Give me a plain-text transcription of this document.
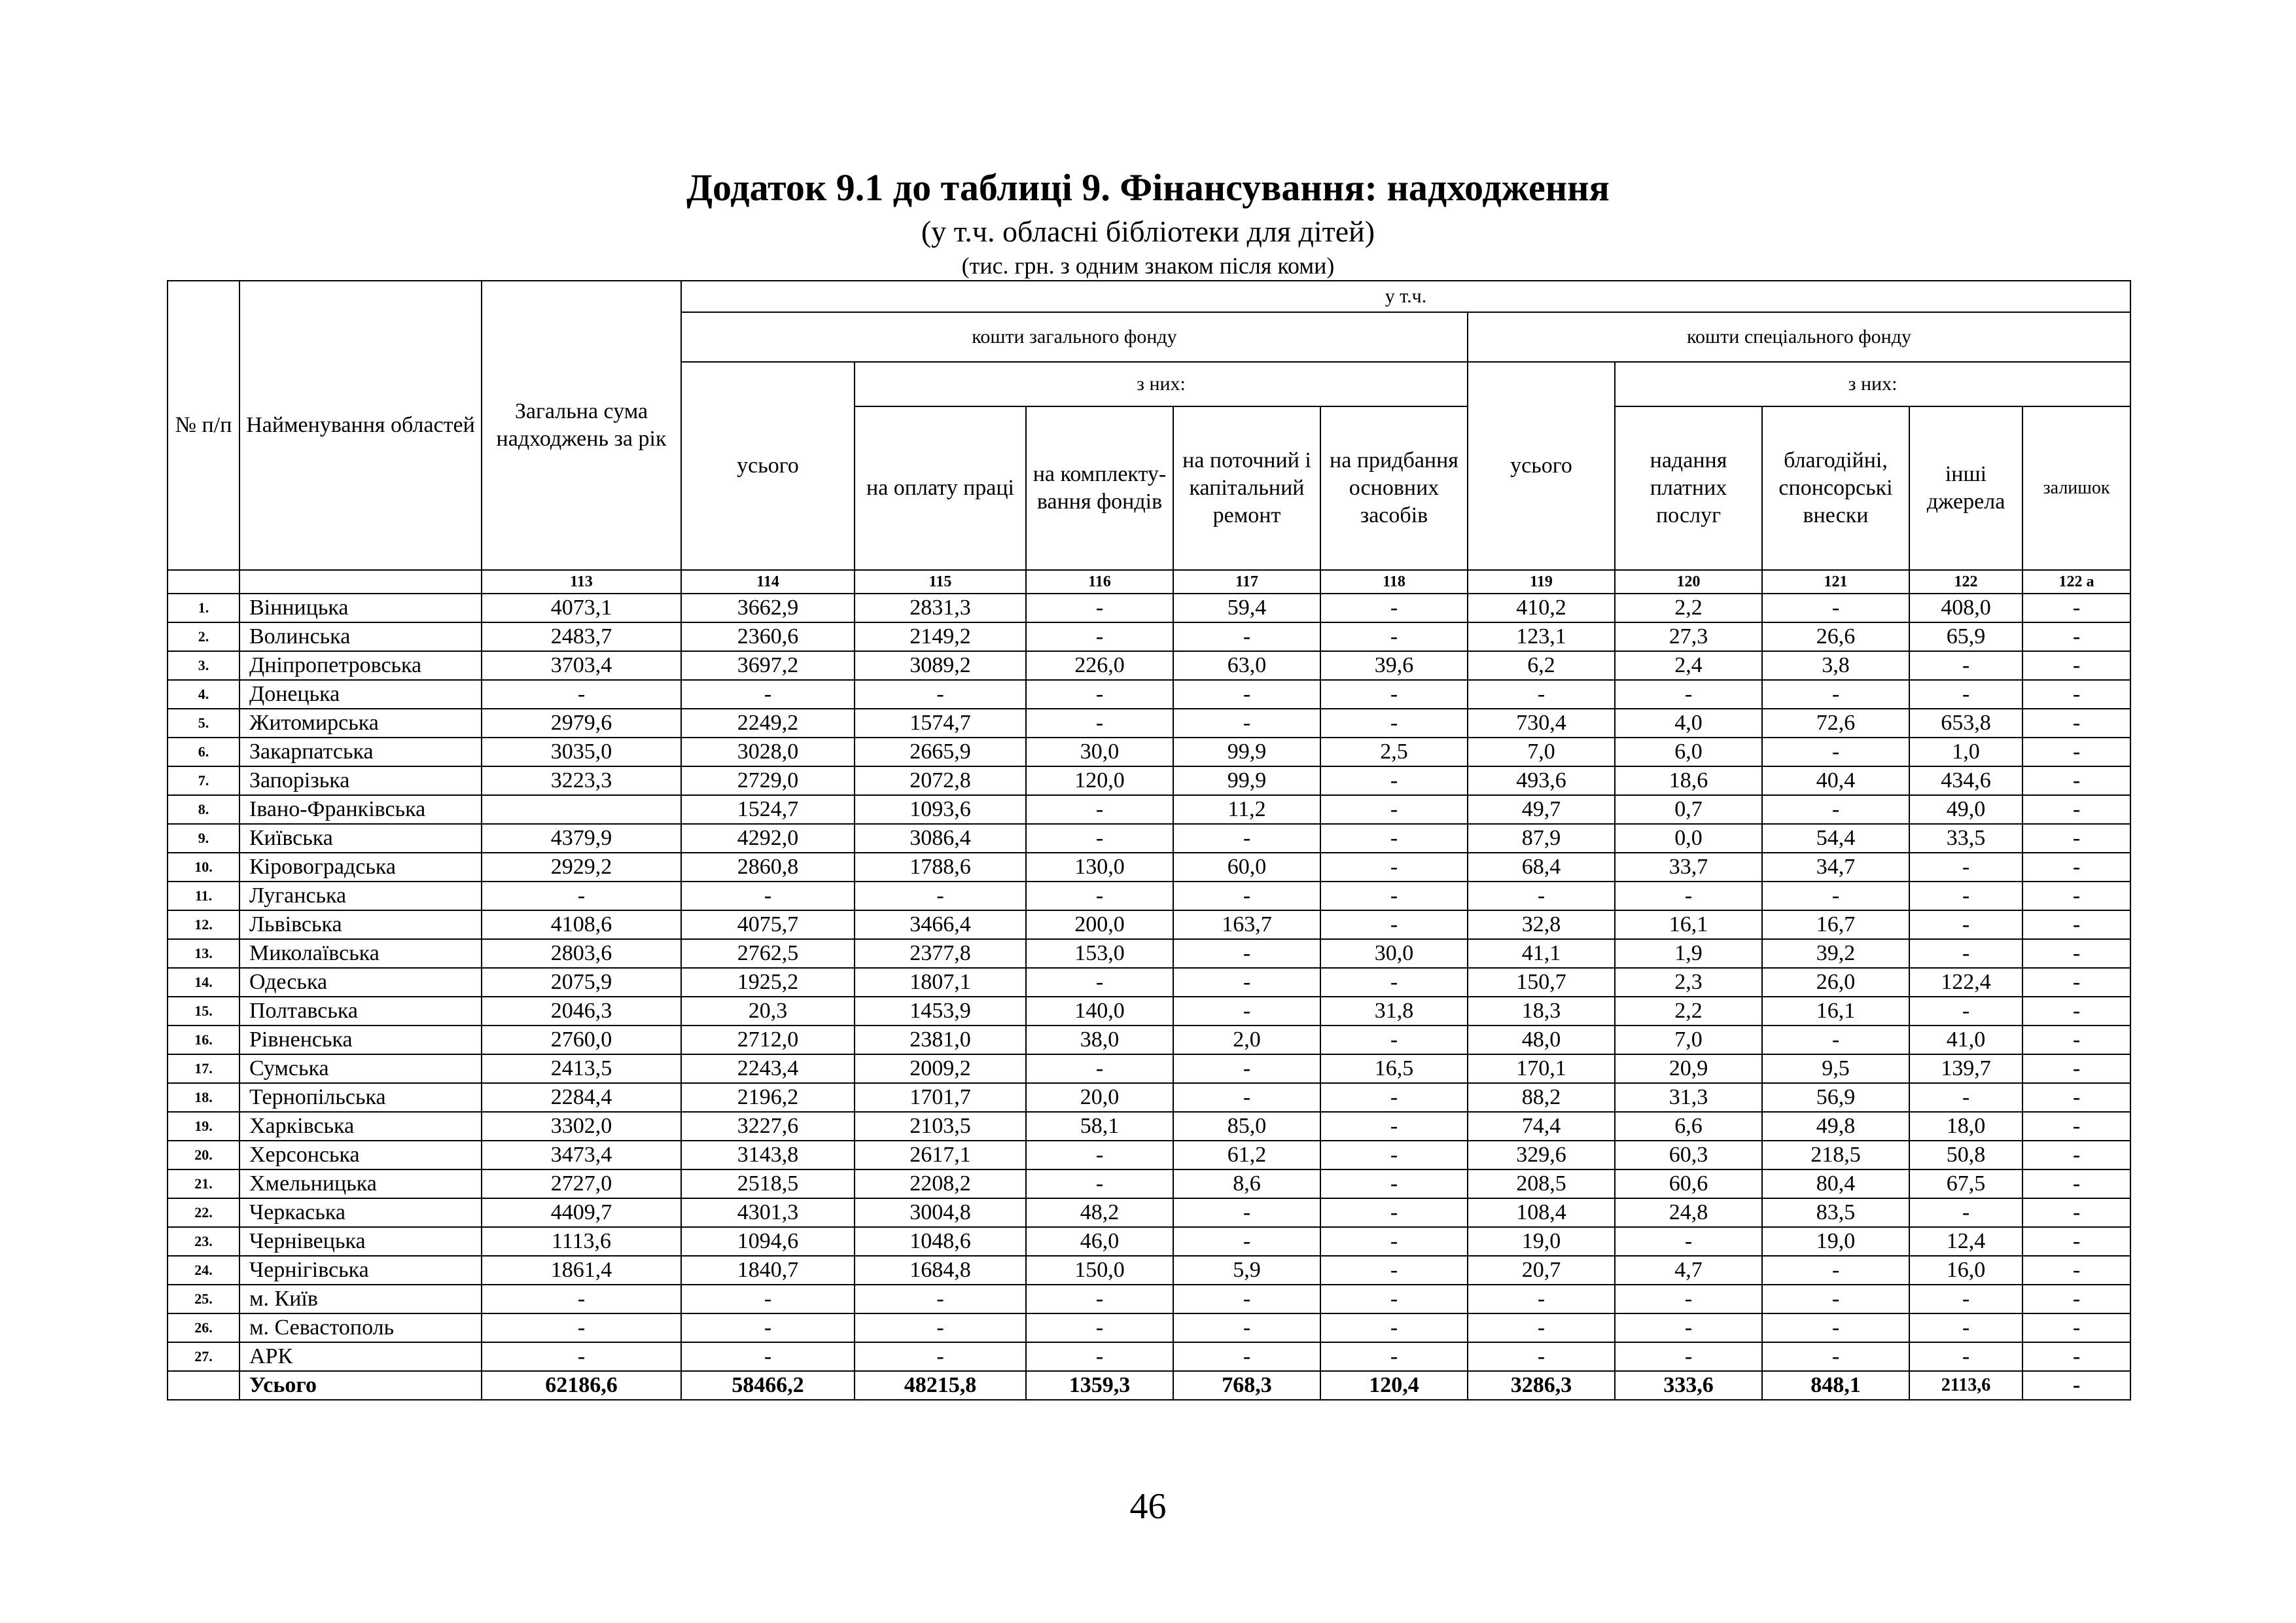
Додаток 9.1 до таблиці 9. Фінансування: надходження
(у т.ч. обласні бібліотеки для дітей)
(тис. грн. з одним знаком після коми)
№ п/п	Найменування областей	Загальна сума надходжень за рік	у т.ч.									
			кошти загального фонду					кошти спеціального фонду				
			усього	з них:				усього	з них:			
				на оплату праці	на комплекту-вання фондів	на поточний і капітальний ремонт	на придбання основних засобів		надання платних послуг	благодійні, спонсорські внески	інші джерела	залишок
		113	114	115	116	117	118	119	120	121	122	122 а
1.	Вінницька	4073,1	3662,9	2831,3	-	59,4	-	410,2	2,2	-	408,0	-
2.	Волинська	2483,7	2360,6	2149,2	-	-	-	123,1	27,3	26,6	65,9	-
3.	Дніпропетровська	3703,4	3697,2	3089,2	226,0	63,0	39,6	6,2	2,4	3,8	-	-
4.	Донецька	-	-	-	-	-	-	-	-	-	-	-
5.	Житомирська	2979,6	2249,2	1574,7	-	-	-	730,4	4,0	72,6	653,8	-
6.	Закарпатська	3035,0	3028,0	2665,9	30,0	99,9	2,5	7,0	6,0	-	1,0	-
7.	Запорізька	3223,3	2729,0	2072,8	120,0	99,9	-	493,6	18,6	40,4	434,6	-
8.	Івано-Франківська		1524,7	1093,6	-	11,2	-	49,7	0,7	-	49,0	-
9.	Київська	4379,9	4292,0	3086,4	-	-	-	87,9	0,0	54,4	33,5	-
10.	Кіровоградська	2929,2	2860,8	1788,6	130,0	60,0	-	68,4	33,7	34,7	-	-
11.	Луганська	-	-	-	-	-	-	-	-	-	-	-
12.	Львівська	4108,6	4075,7	3466,4	200,0	163,7	-	32,8	16,1	16,7	-	-
13.	Миколаївська	2803,6	2762,5	2377,8	153,0	-	30,0	41,1	1,9	39,2	-	-
14.	Одеська	2075,9	1925,2	1807,1	-	-	-	150,7	2,3	26,0	122,4	-
15.	Полтавська	2046,3	20,3	1453,9	140,0	-	31,8	18,3	2,2	16,1	-	-
16.	Рівненська	2760,0	2712,0	2381,0	38,0	2,0	-	48,0	7,0	-	41,0	-
17.	Сумська	2413,5	2243,4	2009,2	-	-	16,5	170,1	20,9	9,5	139,7	-
18.	Тернопільська	2284,4	2196,2	1701,7	20,0	-	-	88,2	31,3	56,9	-	-
19.	Харківська	3302,0	3227,6	2103,5	58,1	85,0	-	74,4	6,6	49,8	18,0	-
20.	Херсонська	3473,4	3143,8	2617,1	-	61,2	-	329,6	60,3	218,5	50,8	-
21.	Хмельницька	2727,0	2518,5	2208,2	-	8,6	-	208,5	60,6	80,4	67,5	-
22.	Черкаська	4409,7	4301,3	3004,8	48,2	-	-	108,4	24,8	83,5	-	-
23.	Чернівецька	1113,6	1094,6	1048,6	46,0	-	-	19,0	-	19,0	12,4	-
24.	Чернігівська	1861,4	1840,7	1684,8	150,0	5,9	-	20,7	4,7	-	16,0	-
25.	м. Київ	-	-	-	-	-	-	-	-	-	-	-
26.	м. Севастополь	-	-	-	-	-	-	-	-	-	-	-
27.	АРК	-	-	-	-	-	-	-	-	-	-	-
	Усього	62186,6	58466,2	48215,8	1359,3	768,3	120,4	3286,3	333,6	848,1	2113,6	-
46
